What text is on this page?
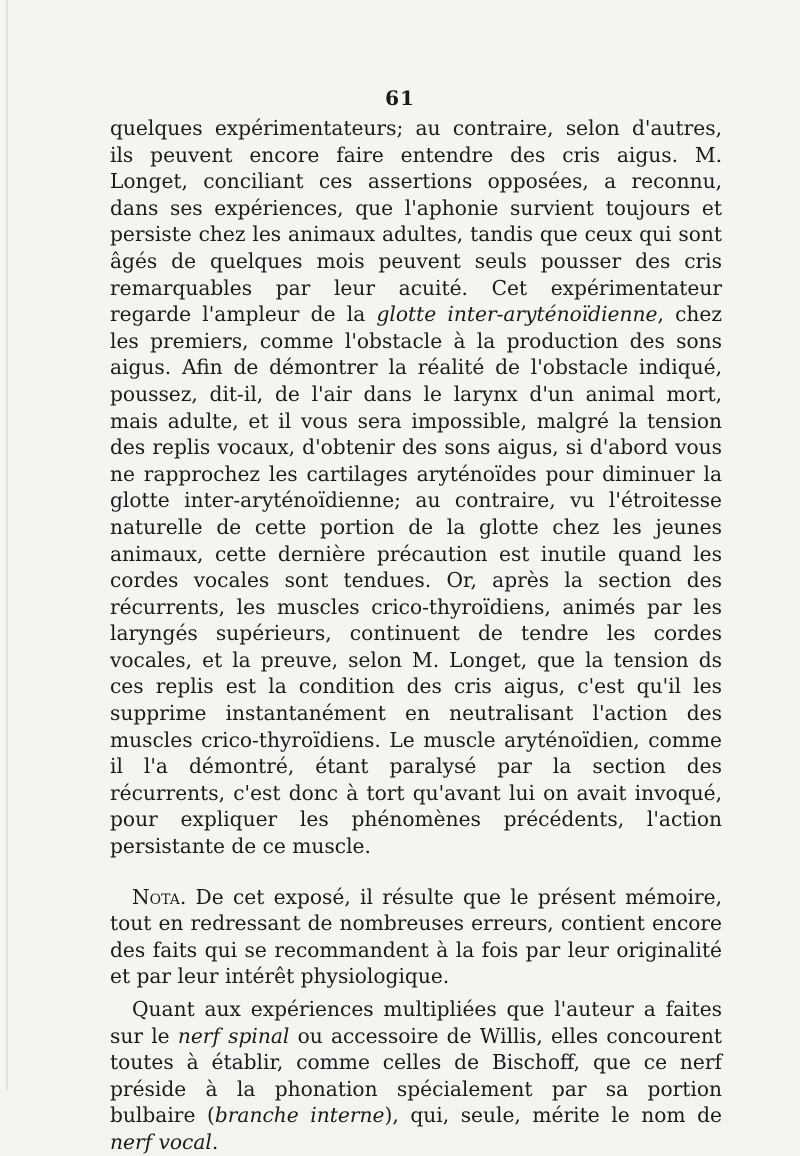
61

quelques expérimentateurs; au contraire, selon d'autres, ils peuvent encore faire entendre des cris aigus. M. Longet, conciliant ces assertions opposées, a reconnu, dans ses expériences, que l'aphonie survient toujours et persiste chez les animaux adultes, tandis que ceux qui sont âgés de quelques mois peuvent seuls pousser des cris remarquables par leur acuité. Cet expérimentateur regarde l'ampleur de la glotte inter-aryténoïdienne, chez les premiers, comme l'obstacle à la production des sons aigus. Afin de démontrer la réalité de l'obstacle indiqué, poussez, dit-il, de l'air dans le larynx d'un animal mort, mais adulte, et il vous sera impossible, malgré la tension des replis vocaux, d'obtenir des sons aigus, si d'abord vous ne rapprochez les cartilages aryténoïdes pour diminuer la glotte inter-aryténoïdienne; au contraire, vu l'étroitesse naturelle de cette portion de la glotte chez les jeunes animaux, cette dernière précaution est inutile quand les cordes vocales sont tendues. Or, après la section des récurrents, les muscles crico-thyroïdiens, animés par les laryngés supérieurs, continuent de tendre les cordes vocales, et la preuve, selon M. Longet, que la tension ds ces replis est la condition des cris aigus, c'est qu'il les supprime instantanément en neutralisant l'action des muscles crico-thyroïdiens. Le muscle aryténoïdien, comme il l'a démontré, étant paralysé par la section des récurrents, c'est donc à tort qu'avant lui on avait invoqué, pour expliquer les phénomènes précédents, l'action persistante de ce muscle.

Nota. De cet exposé, il résulte que le présent mémoire, tout en redressant de nombreuses erreurs, contient encore des faits qui se recommandent à la fois par leur originalité et par leur intérêt physiologique.

Quant aux expériences multipliées que l'auteur a faites sur le nerf spinal ou accessoire de Willis, elles concourent toutes à établir, comme celles de Bischoff, que ce nerf préside à la phonation spécialement par sa portion bulbaire (branche interne), qui, seule, mérite le nom de nerf vocal.
